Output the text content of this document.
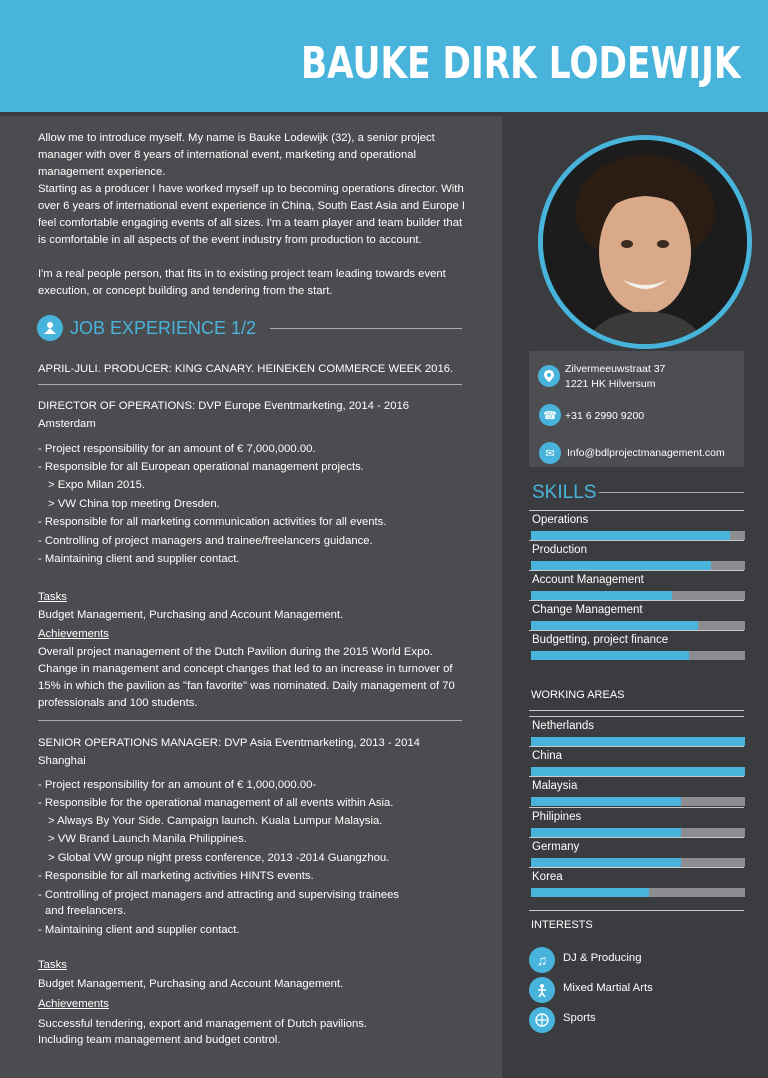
BAUKE DIRK LODEWIJK
Allow me to introduce myself. My name is Bauke Lodewijk (32), a senior project manager with over 8 years of international event, marketing and operational management experience.
Starting as a producer I have worked myself up to becoming operations director. With over 6 years of international event experience in China, South East Asia and Europe I feel comfortable engaging events of all sizes. I'm a team player and team builder that is comfortable in all aspects of the event industry from production to account.
I'm a real people person, that fits in to existing project team leading towards event execution, or concept building and tendering from the start.
JOB EXPERIENCE 1/2
APRIL-JULI. PRODUCER: KING CANARY. HEINEKEN COMMERCE WEEK 2016.
DIRECTOR OF OPERATIONS: DVP Europe Eventmarketing, 2014 - 2016
Amsterdam
- Project responsibility for an amount of € 7,000,000.00.
- Responsible for all European operational management projects.
> Expo Milan 2015.
> VW China top meeting Dresden.
- Responsible for all marketing communication activities for all events.
- Controlling of project managers and trainee/freelancers guidance.
- Maintaining client and supplier contact.
Tasks
Budget Management, Purchasing and Account Management.
Achievements
Overall project management of the Dutch Pavilion during the 2015 World Expo. Change in management and concept changes that led to an increase in turnover of 15% in which the pavilion as "fan favorite" was nominated. Daily management of 70 professionals and 100 students.
SENIOR OPERATIONS MANAGER: DVP Asia Eventmarketing, 2013 - 2014
Shanghai
- Project responsibility for an amount of € 1,000,000.00-
- Responsible for the operational management of all events within Asia.
> Always By Your Side. Campaign launch. Kuala Lumpur Malaysia.
> VW Brand Launch Manila Philippines.
> Global VW group night press conference, 2013 -2014 Guangzhou.
- Responsible for all marketing activities HINTS events.
- Controlling of project managers and attracting and supervising trainees
and freelancers.
- Maintaining client and supplier contact.
Tasks
Budget Management, Purchasing and Account Management.
Achievements
Successful tendering, export and management of Dutch pavilions.
Including team management and budget control.
Zilvermeeuwstraat 37
1221 HK Hilversum
☎ +31 6 2990 9200
✉	Info@bdlprojectmanagement.com
SKILLS
Operations
Production
Account Management
Change Management
Budgetting, project finance
WORKING AREAS
Netherlands
China
Malaysia
Philipines
Germany
Korea
INTERESTS
♫	DJ & Producing
Mixed Martial Arts
Sports
